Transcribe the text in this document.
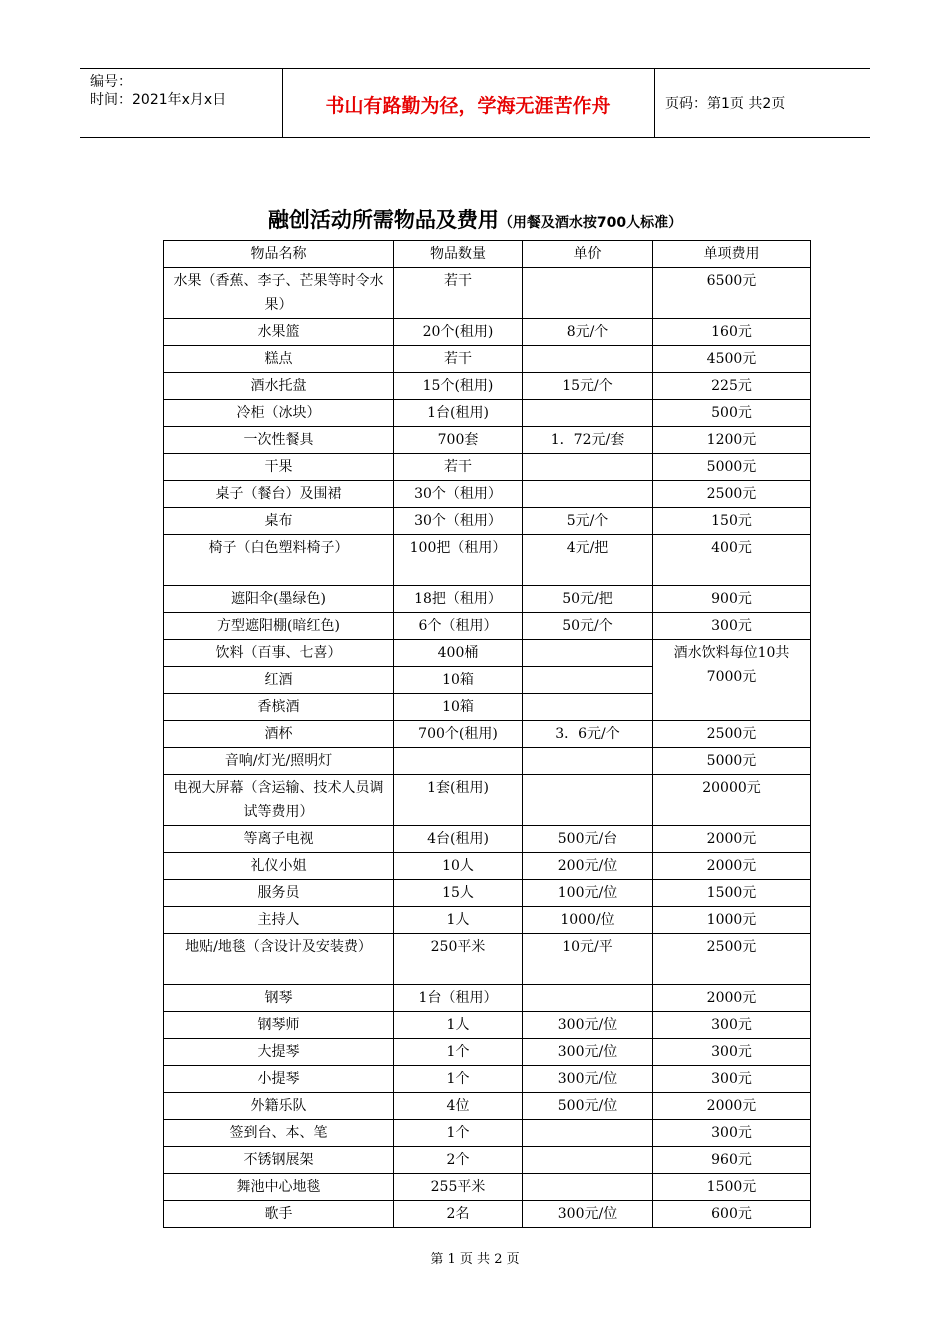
编号：
时间：2021年x月x日	书山有路勤为径，学海无涯苦作舟	页码：第1页 共2页
融创活动所需物品及费用（用餐及酒水按700人标准）
物品名称	物品数量	单价	单项费用
水果（香蕉、李子、芒果等时令水果）	若干		6500元
水果篮	20个(租用)	8元/个	160元
糕点	若干		4500元
酒水托盘	15个(租用)	15元/个	225元
冷柜（冰块）	1台(租用)		500元
一次性餐具	700套	1．72元/套	1200元
干果	若干		5000元
桌子（餐台）及围裙	30个（租用）		2500元
桌布	30个（租用）	5元/个	150元
椅子（白色塑料椅子）	100把（租用）	4元/把	400元
遮阳伞(墨绿色)	18把（租用）	50元/把	900元
方型遮阳棚(暗红色)	6个（租用）	50元/个	300元
饮料（百事、七喜）	400桶		酒水饮料每位10共7000元
红酒	10箱		
香槟酒	10箱		
酒杯	700个(租用)	3．6元/个	2500元
音响/灯光/照明灯			5000元
电视大屏幕（含运输、技术人员调试等费用）	1套(租用)		20000元
等离子电视	4台(租用)	500元/台	2000元
礼仪小姐	10人	200元/位	2000元
服务员	15人	100元/位	1500元
主持人	1人	1000/位	1000元
地贴/地毯（含设计及安装费）	250平米	10元/平	2500元
钢琴	1台（租用）		2000元
钢琴师	1人	300元/位	300元
大提琴	1个	300元/位	300元
小提琴	1个	300元/位	300元
外籍乐队	4位	500元/位	2000元
签到台、本、笔	1个		300元
不锈钢展架	2个		960元
舞池中心地毯	255平米		1500元
歌手	2名	300元/位	600元
第 1 页 共 2 页
